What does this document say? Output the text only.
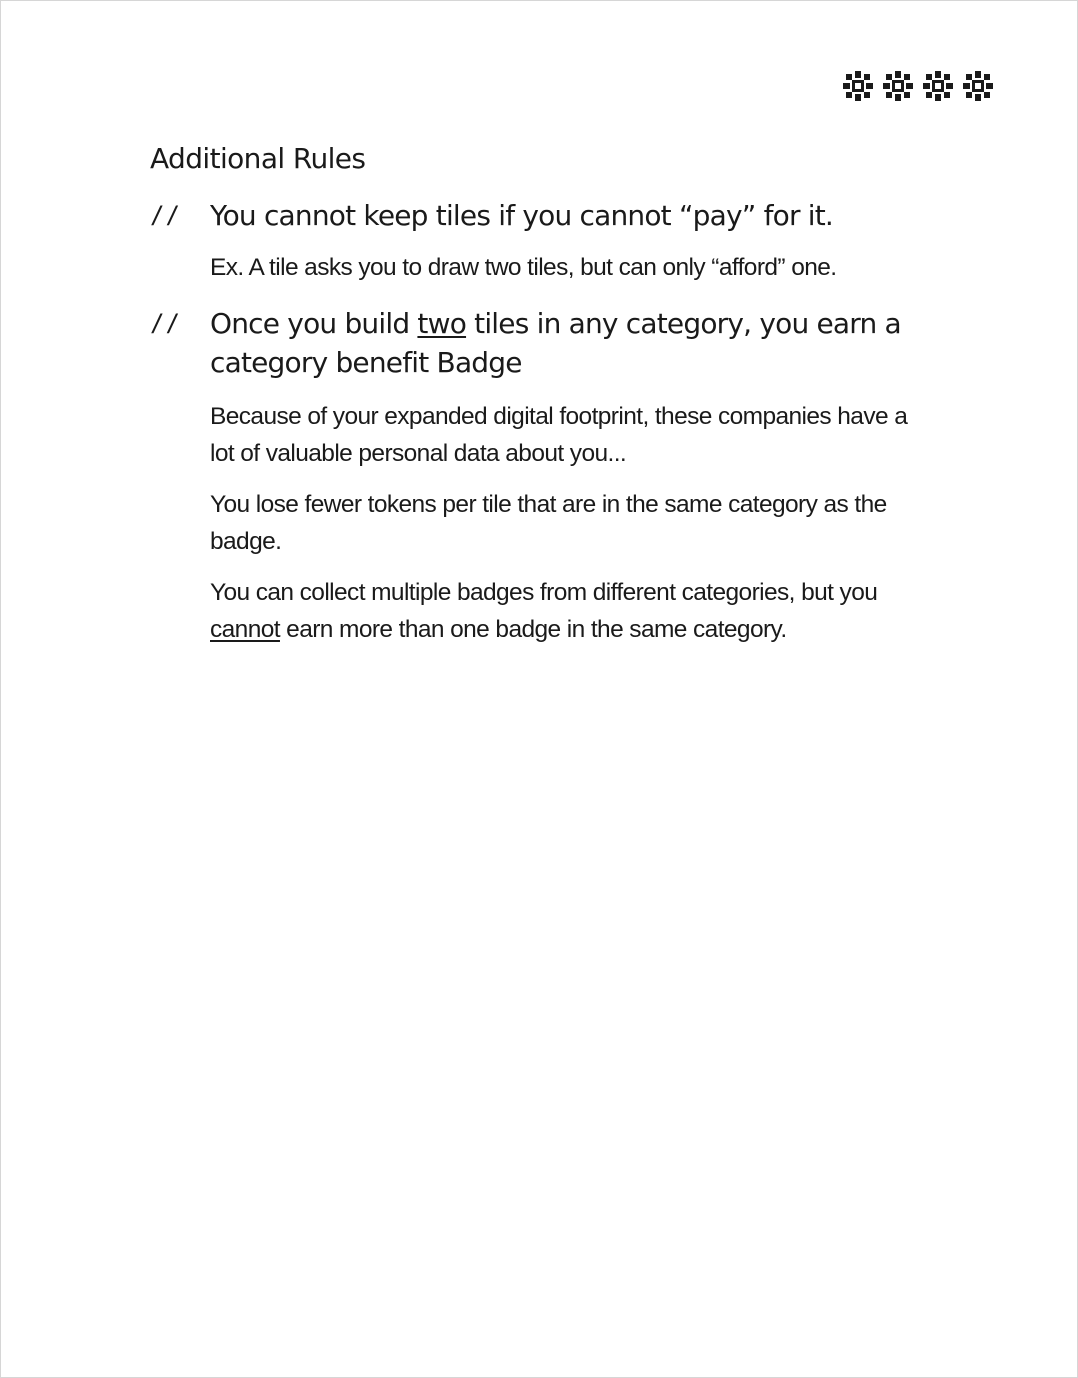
Additional Rules
//	You cannot keep tiles if you cannot “pay” for it.

Ex. A tile asks you to draw two tiles, but can only “afford” one.

//	Once you build two tiles in any category, you earn a category benefit Badge

Because of your expanded digital footprint, these companies have a lot of valuable personal data about you...

You lose fewer tokens per tile that are in the same category as the badge.

You can collect multiple badges from different categories, but you cannot earn more than one badge in the same category.
